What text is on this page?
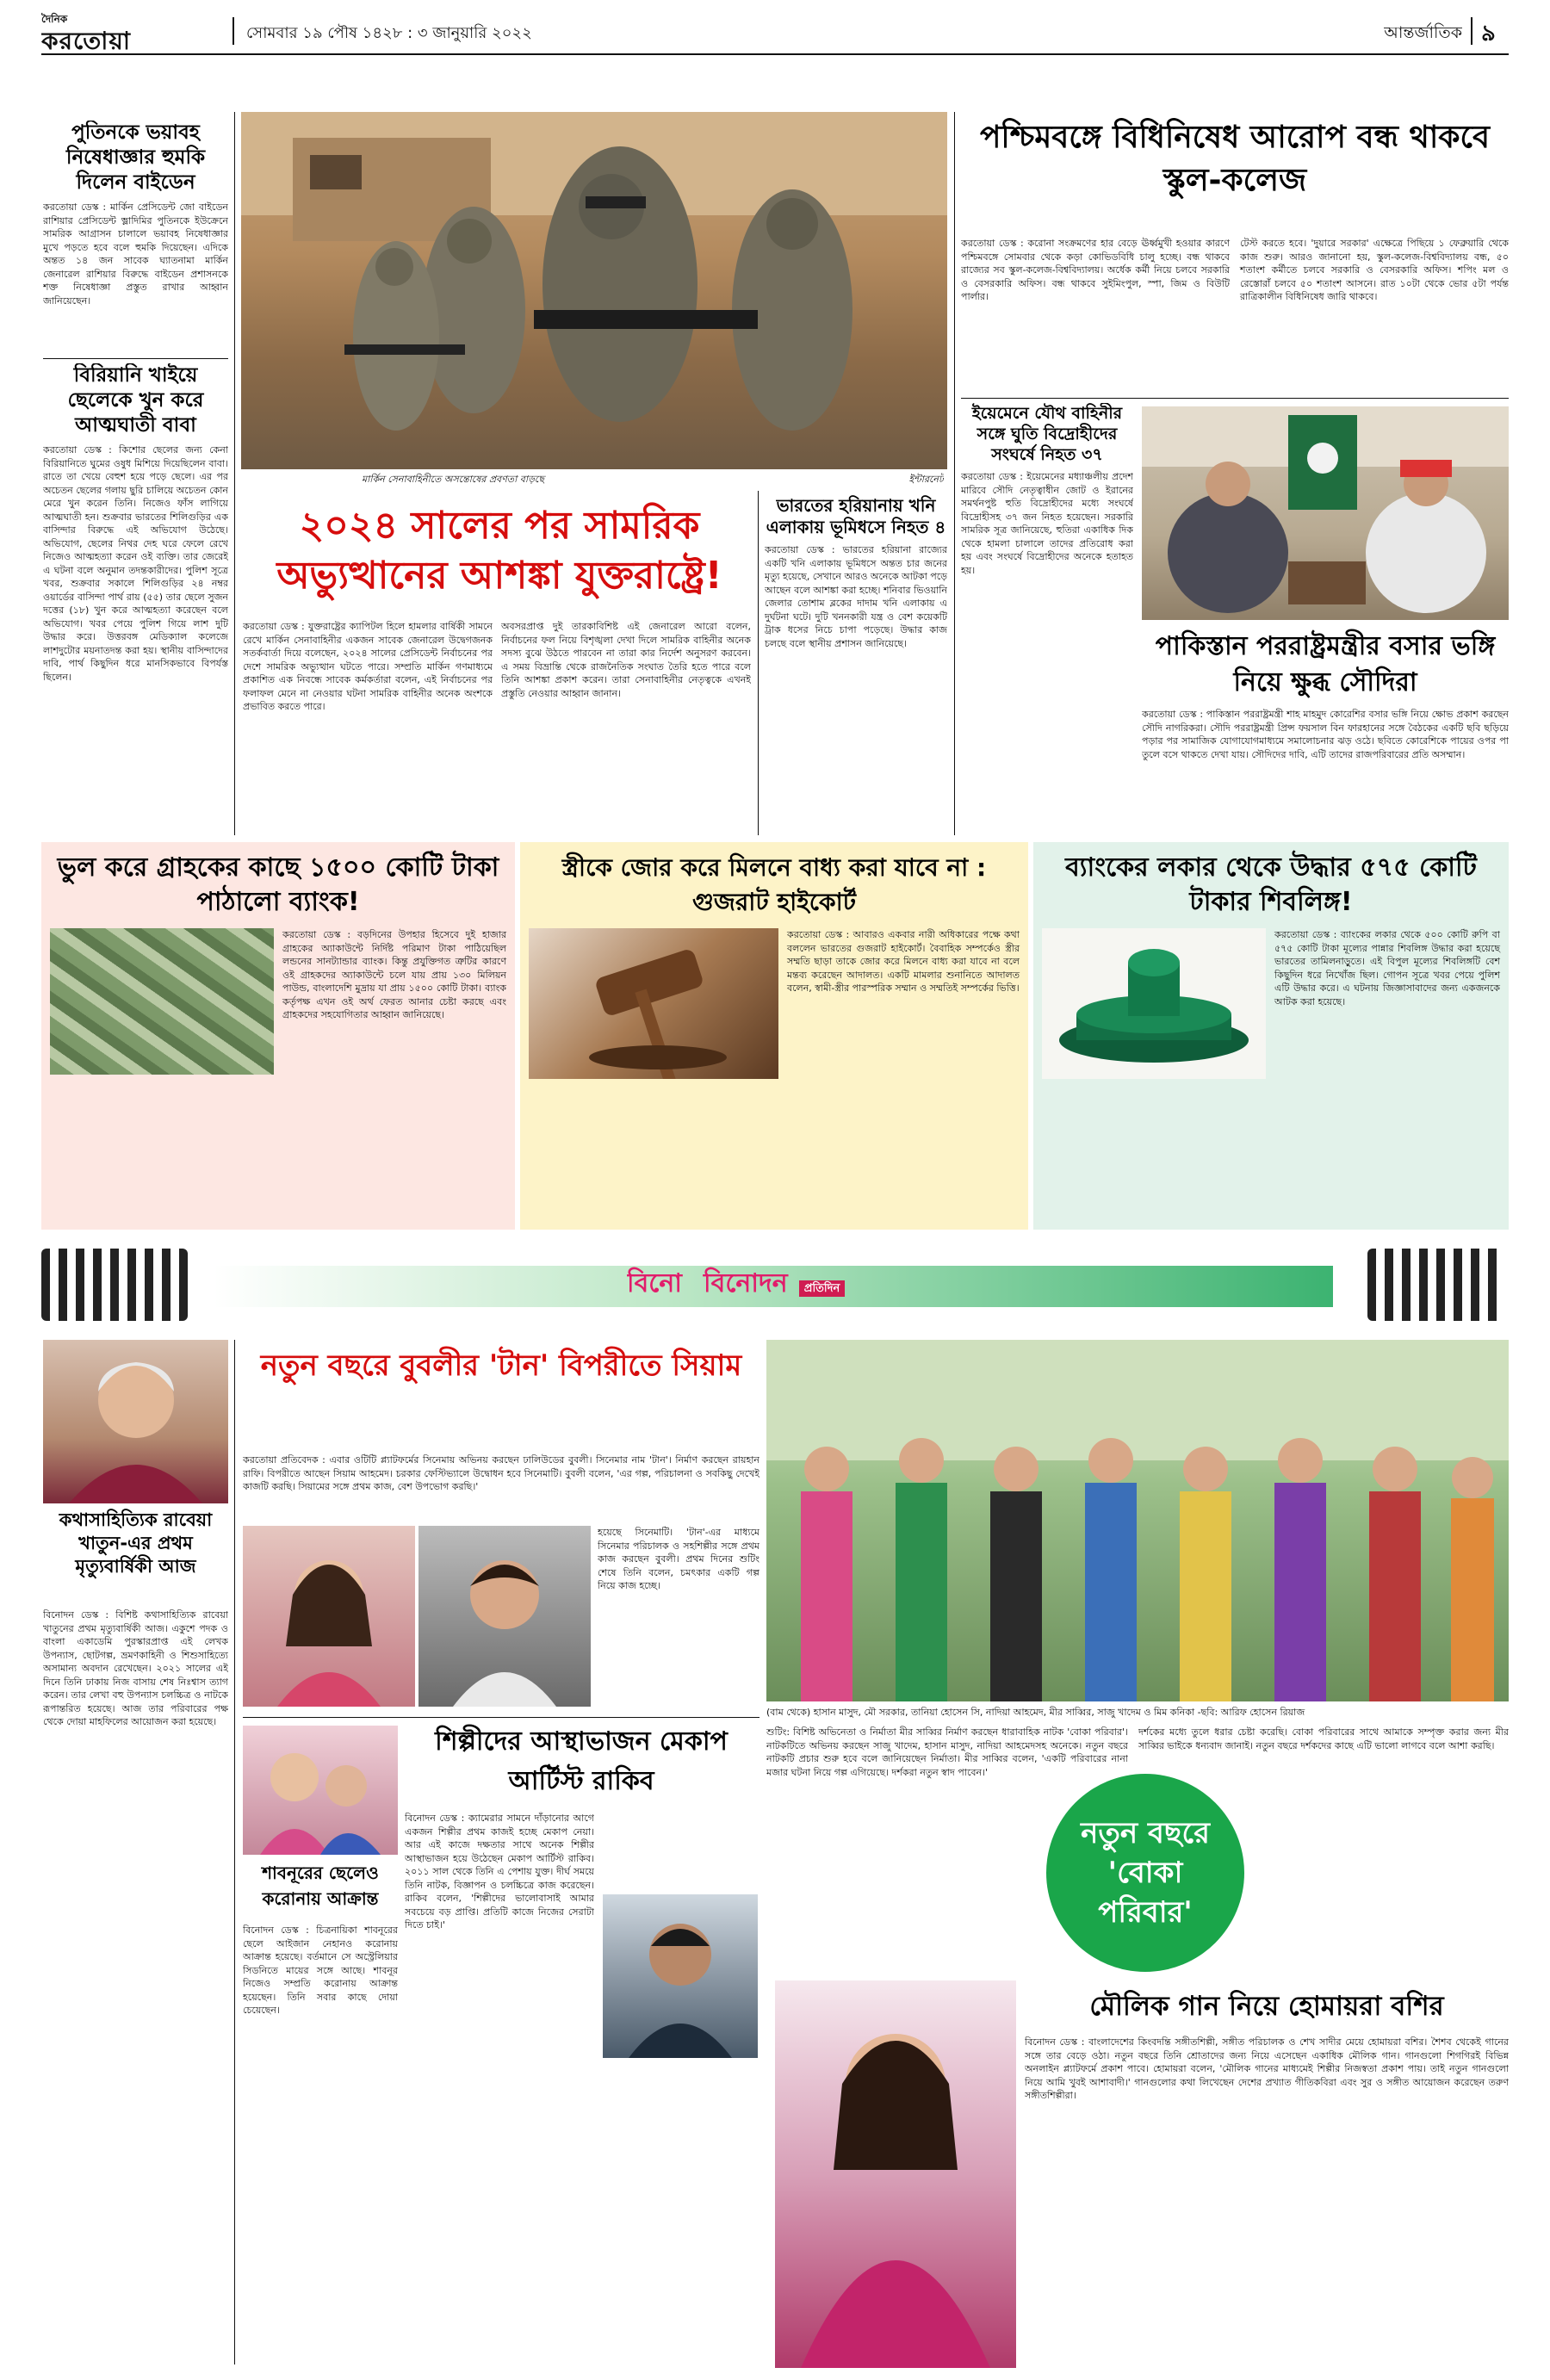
দৈনিক
করতোয়া	সোমবার ১৯ পৌষ ১৪২৮ : ৩ জানুয়ারি ২০২২	আন্তর্জাতিক ৯
পুতিনকে ভয়াবহ নিষেধাজ্ঞার হুমকি দিলেন বাইডেন
করতোয়া ডেস্ক : মার্কিন প্রেসিডেন্ট জো বাইডেন রাশিয়ার প্রেসিডেন্ট ভ্লাদিমির পুতিনকে ইউক্রেনে সামরিক আগ্রাসন চালালে ভয়াবহ নিষেধাজ্ঞার মুখে পড়তে হবে বলে হুমকি দিয়েছেন। এদিকে অন্তত ১৪ জন সাবেক ঘ্যাতনামা মার্কিন জেনারেল রাশিয়ার বিরুদ্ধে বাইডেন প্রশাসনকে শক্ত নিষেধাজ্ঞা প্রস্তুত রাখার আহ্বান জানিয়েছেন।
বিরিয়ানি খাইয়ে ছেলেকে খুন করে আত্মঘাতী বাবা
করতোয়া ডেস্ক : কিশোর ছেলের জন্য কেনা বিরিয়ানিতে ঘুমের ওষুধ মিশিয়ে দিয়েছিলেন বাবা। রাতে তা খেয়ে বেহুশ হয়ে পড়ে ছেলে। এর পর অচেতন ছেলের গলায় ছুরি চালিয়ে অচেতন কোন মেরে খুন করেন তিনি। নিজেও ফাঁস লাগিয়ে আত্মঘাতী হন। শুক্রবার ভারতের শিলিগুড়ির এক বাসিন্দার বিরুদ্ধে এই অভিযোগ উঠেছে। অভিযোগ, ছেলের নিথর দেহ ঘরে ফেলে রেখে নিজেও আত্মহত্যা করেন ওই ব্যক্তি। তার জেরেই এ ঘটনা বলে অনুমান তদন্তকারীদের। পুলিশ সূত্রে খবর, শুক্রবার সকালে শিলিগুড়ির ২৪ নম্বর ওয়ার্ডের বাসিন্দা পার্থ রায় (৫৫) তার ছেলে সুজন দত্তের (১৮) খুন করে আত্মহত্যা করেছেন বলে অভিযোগ। খবর পেয়ে পুলিশ গিয়ে লাশ দুটি উদ্ধার করে। উত্তরবঙ্গ মেডিক্যাল কলেজে লাশদুটোর ময়নাতদন্ত করা হয়। স্থানীয় বাসিন্দাদের দাবি, পার্থ কিছুদিন ধরে মানসিকভাবে বিপর্যস্ত ছিলেন।
মার্কিন সেনাবাহিনীতে অসন্তোষের প্রবণতা বাড়ছে	ইন্টারনেট
২০২৪ সালের পর সামরিক অভ্যুত্থানের আশঙ্কা যুক্তরাষ্ট্রে!
করতোয়া ডেস্ক : যুক্তরাষ্ট্রের ক্যাপিটল হিলে হামলার বার্ষিকী সামনে রেখে মার্কিন সেনাবাহিনীর একজন সাবেক জেনারেল উদ্বেগজনক সতর্কবার্তা দিয়ে বলেছেন, ২০২৪ সালের প্রেসিডেন্ট নির্বাচনের পর দেশে সামরিক অভ্যুত্থান ঘটতে পারে। সম্প্রতি মার্কিন গণমাধ্যমে প্রকাশিত এক নিবন্ধে সাবেক কর্মকর্তারা বলেন, এই নির্বাচনের পর ফলাফল মেনে না নেওয়ার ঘটনা সামরিক বাহিনীর অনেক অংশকে প্রভাবিত করতে পারে।
অবসরপ্রাপ্ত দুই তারকাবিশিষ্ট এই জেনারেল আরো বলেন, নির্বাচনের ফল নিয়ে বিশৃঙ্খলা দেখা দিলে সামরিক বাহিনীর অনেক সদস্য বুঝে উঠতে পারবেন না তারা কার নির্দেশ অনুসরণ করবেন। এ সময় বিভ্রান্তি থেকে রাজনৈতিক সংঘাত তৈরি হতে পারে বলে তিনি আশঙ্কা প্রকাশ করেন। তারা সেনাবাহিনীর নেতৃত্বকে এখনই প্রস্তুতি নেওয়ার আহ্বান জানান।
ভারতের হরিয়ানায় খনি এলাকায় ভূমিধসে নিহত ৪
করতোয়া ডেস্ক : ভারতের হরিয়ানা রাজ্যের একটি খনি এলাকায় ভূমিধসে অন্তত চার জনের মৃত্যু হয়েছে, সেখানে আরও অনেকে আটকা পড়ে আছেন বলে আশঙ্কা করা হচ্ছে। শনিবার ভিওয়ানি জেলার তোশাম ব্লকের দাদাম খনি এলাকায় এ দুর্ঘটনা ঘটে। দুটি খননকারী যন্ত্র ও বেশ কয়েকটি ট্রাক ধসের নিচে চাপা পড়েছে। উদ্ধার কাজ চলছে বলে স্থানীয় প্রশাসন জানিয়েছে।
পশ্চিমবঙ্গে বিধিনিষেধ আরোপ বন্ধ থাকবে স্কুল-কলেজ
করতোয়া ডেস্ক : করোনা সংক্রমণের হার বেড়ে ঊর্ধ্বমুখী হওয়ার কারণে পশ্চিমবঙ্গে সোমবার থেকে কড়া কোভিডবিধি চালু হচ্ছে। বন্ধ থাকবে রাজ্যের সব স্কুল-কলেজ-বিশ্ববিদ্যালয়। অর্ধেক কর্মী নিয়ে চলবে সরকারি ও বেসরকারি অফিস। বন্ধ থাকবে সুইমিংপুল, স্পা, জিম ও বিউটি পার্লার।
টেস্ট করতে হবে। 'দুয়ারে সরকার' এক্ষেত্রে পিছিয়ে ১ ফেব্রুয়ারি থেকে কাজ শুরু। আরও জানানো হয়, স্কুল-কলেজ-বিশ্ববিদ্যালয় বন্ধ, ৫০ শতাংশ কর্মীতে চলবে সরকারি ও বেসরকারি অফিস। শপিং মল ও রেস্তোরাঁ চলবে ৫০ শতাংশ আসনে। রাত ১০টা থেকে ভোর ৫টা পর্যন্ত রাত্রিকালীন বিধিনিষেধ জারি থাকবে।
ইয়েমেনে যৌথ বাহিনীর সঙ্গে ঘুতি বিদ্রোহীদের সংঘর্ষে নিহত ৩৭
করতোয়া ডেস্ক : ইয়েমেনের মধ্যাঞ্চলীয় প্রদেশ মারিবে সৌদি নেতৃত্বাধীন জোট ও ইরানের সমর্থনপুষ্ট হুতি বিদ্রোহীদের মধ্যে সংঘর্ষে বিদ্রোহীসহ ৩৭ জন নিহত হয়েছেন। সরকারি সামরিক সূত্র জানিয়েছে, হুতিরা একাধিক দিক থেকে হামলা চালালে তাদের প্রতিরোধ করা হয় এবং সংঘর্ষে বিদ্রোহীদের অনেকে হতাহত হয়।
পাকিস্তান পররাষ্ট্রমন্ত্রীর বসার ভঙ্গি নিয়ে ক্ষুব্ধ সৌদিরা
করতোয়া ডেস্ক : পাকিস্তান পররাষ্ট্রমন্ত্রী শাহ মাহমুদ কোরেশির বসার ভঙ্গি নিয়ে ক্ষোভ প্রকাশ করছেন সৌদি নাগরিকরা। সৌদি পররাষ্ট্রমন্ত্রী প্রিন্স ফয়সাল বিন ফারহানের সঙ্গে বৈঠকের একটি ছবি ছড়িয়ে পড়ার পর সামাজিক যোগাযোগমাধ্যমে সমালোচনার ঝড় ওঠে। ছবিতে কোরেশিকে পায়ের ওপর পা তুলে বসে থাকতে দেখা যায়। সৌদিদের দাবি, এটি তাদের রাজপরিবারের প্রতি অসম্মান।
ভুল করে গ্রাহকের কাছে ১৫০০ কোটি টাকা পাঠালো ব্যাংক!
করতোয়া ডেস্ক : বড়দিনের উপহার হিসেবে দুই হাজার গ্রাহকের অ্যাকাউন্টে নির্দিষ্ট পরিমাণ টাকা পাঠিয়েছিল লন্ডনের সানট্যান্ডার ব্যাংক। কিন্তু প্রযুক্তিগত ত্রুটির কারণে ওই গ্রাহকদের অ্যাকাউন্টে চলে যায় প্রায় ১৩০ মিলিয়ন পাউন্ড, বাংলাদেশি মুদ্রায় যা প্রায় ১৫০০ কোটি টাকা। ব্যাংক কর্তৃপক্ষ এখন ওই অর্থ ফেরত আনার চেষ্টা করছে এবং গ্রাহকদের সহযোগিতার আহ্বান জানিয়েছে।
স্ত্রীকে জোর করে মিলনে বাধ্য করা যাবে না : গুজরাট হাইকোর্ট
করতোয়া ডেস্ক : আবারও একবার নারী অধিকারের পক্ষে কথা বললেন ভারতের গুজরাট হাইকোর্ট। বৈবাহিক সম্পর্কেও স্ত্রীর সম্মতি ছাড়া তাকে জোর করে মিলনে বাধ্য করা যাবে না বলে মন্তব্য করেছেন আদালত। একটি মামলার শুনানিতে আদালত বলেন, স্বামী-স্ত্রীর পারস্পরিক সম্মান ও সম্মতিই সম্পর্কের ভিত্তি।
ব্যাংকের লকার থেকে উদ্ধার ৫৭৫ কোটি টাকার শিবলিঙ্গ!
করতোয়া ডেস্ক : ব্যাংকের লকার থেকে ৫০০ কোটি রুপি বা ৫৭৫ কোটি টাকা মূল্যের পান্নার শিবলিঙ্গ উদ্ধার করা হয়েছে ভারতের তামিলনাড়ুতে। এই বিপুল মূল্যের শিবলিঙ্গটি বেশ কিছুদিন ধরে নিখোঁজ ছিল। গোপন সূত্রে খবর পেয়ে পুলিশ এটি উদ্ধার করে। এ ঘটনায় জিজ্ঞাসাবাদের জন্য একজনকে আটক করা হয়েছে।
বিনো বিনোদন প্রতিদিন
কথাসাহিত্যিক রাবেয়া খাতুন-এর প্রথম মৃত্যুবার্ষিকী আজ
বিনোদন ডেস্ক : বিশিষ্ট কথাসাহিত্যিক রাবেয়া খাতুনের প্রথম মৃত্যুবার্ষিকী আজ। একুশে পদক ও বাংলা একাডেমি পুরস্কারপ্রাপ্ত এই লেখক উপন্যাস, ছোটগল্প, ভ্রমণকাহিনী ও শিশুসাহিত্যে অসামান্য অবদান রেখেছেন। ২০২১ সালের এই দিনে তিনি ঢাকায় নিজ বাসায় শেষ নিঃশ্বাস ত্যাগ করেন। তার লেখা বহু উপন্যাস চলচ্চিত্র ও নাটকে রূপান্তরিত হয়েছে। আজ তার পরিবারের পক্ষ থেকে দোয়া মাহফিলের আয়োজন করা হয়েছে।
নতুন বছরে বুবলীর 'টান' বিপরীতে সিয়াম
করতোয়া প্রতিবেদক : এবার ওটিটি প্ল্যাটফর্মের সিনেমায় অভিনয় করছেন ঢালিউডের বুবলী। সিনেমার নাম 'টান'। নির্মাণ করছেন রায়হান রাফি। বিপরীতে আছেন সিয়াম আহমেদ। চরকার ফেস্টিভ্যালে উদ্বোধন হবে সিনেমাটি। বুবলী বলেন, 'এর গল্প, পরিচালনা ও সবকিছু দেখেই কাজটি করছি। সিয়ামের সঙ্গে প্রথম কাজ, বেশ উপভোগ করছি।'
হয়েছে সিনেমাটি। 'টান'-এর মাধ্যমে সিনেমার পরিচালক ও সহশিল্পীর সঙ্গে প্রথম কাজ করছেন বুবলী। প্রথম দিনের শুটিং শেষে তিনি বলেন, চমৎকার একটি গল্প নিয়ে কাজ হচ্ছে।
(বাম থেকে) হাসান মাসুদ, মৌ সরকার, তানিয়া হোসেন সি, নাদিয়া আহমেদ, মীর সাব্বির, সাজু খাদেম ও মিম কনিকা -ছবি: আরিফ হোসেন রিয়াজ
শুটিং: বিশিষ্ট অভিনেতা ও নির্মাতা মীর সাব্বির নির্মাণ করছেন ধারাবাহিক নাটক 'বোকা পরিবার'। নাটকটিতে অভিনয় করছেন সাজু খাদেম, হাসান মাসুদ, নাদিয়া আহমেদসহ অনেকে। নতুন বছরে নাটকটি প্রচার শুরু হবে বলে জানিয়েছেন নির্মাতা। মীর সাব্বির বলেন, 'একটি পরিবারের নানা মজার ঘটনা নিয়ে গল্প এগিয়েছে। দর্শকরা নতুন স্বাদ পাবেন।'
দর্শকের মধ্যে তুলে ধরার চেষ্টা করেছি। বোকা পরিবারের সাথে আমাকে সম্পৃক্ত করার জন্য মীর সাব্বির ভাইকে ধন্যবাদ জানাই। নতুন বছরে দর্শকদের কাছে এটি ভালো লাগবে বলে আশা করছি।
নতুন বছরে 'বোকা পরিবার'
শিল্পীদের আস্থাভাজন মেকাপ আর্টিস্ট রাকিব
বিনোদন ডেস্ক : ক্যামেরার সামনে দাঁড়ানোর আগে একজন শিল্পীর প্রথম কাজই হচ্ছে মেকাপ নেয়া। আর এই কাজে দক্ষতার সাথে অনেক শিল্পীর আস্থাভাজন হয়ে উঠেছেন মেকাপ আর্টিস্ট রাকিব। ২০১১ সাল থেকে তিনি এ পেশায় যুক্ত। দীর্ঘ সময়ে তিনি নাটক, বিজ্ঞাপন ও চলচ্চিত্রে কাজ করেছেন। রাকিব বলেন, 'শিল্পীদের ভালোবাসাই আমার সবচেয়ে বড় প্রাপ্তি। প্রতিটি কাজে নিজের সেরাটা দিতে চাই।'
শাবনূরের ছেলেও করোনায় আক্রান্ত
বিনোদন ডেস্ক : চিত্রনায়িকা শাবনূরের ছেলে আইজান নেহানও করোনায় আক্রান্ত হয়েছে। বর্তমানে সে অস্ট্রেলিয়ার সিডনিতে মায়ের সঙ্গে আছে। শাবনূর নিজেও সম্প্রতি করোনায় আক্রান্ত হয়েছেন। তিনি সবার কাছে দোয়া চেয়েছেন।	মৌলিক গান নিয়ে হোমায়রা বশির
বিনোদন ডেস্ক : বাংলাদেশের কিংবদন্তি সঙ্গীতশিল্পী, সঙ্গীত পরিচালক ও শেখ সাদীর মেয়ে হোমায়রা বশির। শৈশব থেকেই গানের সঙ্গে তার বেড়ে ওঠা। নতুন বছরে তিনি শ্রোতাদের জন্য নিয়ে এসেছেন একাধিক মৌলিক গান। গানগুলো শিগগিরই বিভিন্ন অনলাইন প্ল্যাটফর্মে প্রকাশ পাবে। হোমায়রা বলেন, 'মৌলিক গানের মাধ্যমেই শিল্পীর নিজস্বতা প্রকাশ পায়। তাই নতুন গানগুলো নিয়ে আমি খুবই আশাবাদী।' গানগুলোর কথা লিখেছেন দেশের প্রখ্যাত গীতিকবিরা এবং সুর ও সঙ্গীত আয়োজন করেছেন তরুণ সঙ্গীতশিল্পীরা।
